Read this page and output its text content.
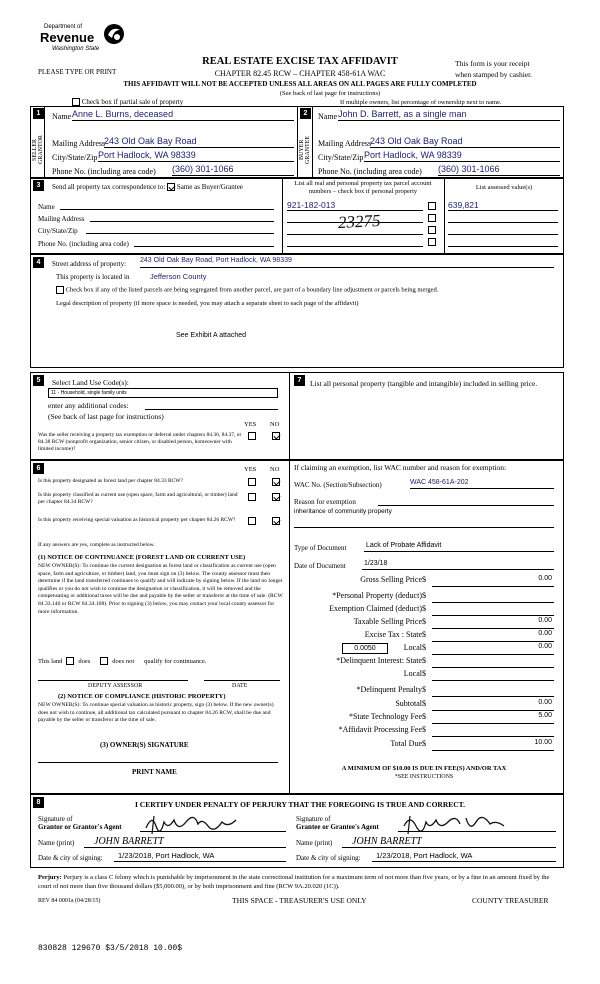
Department of
Revenue
Washington State
PLEASE TYPE OR PRINT
REAL ESTATE EXCISE TAX AFFIDAVIT
CHAPTER 82.45 RCW – CHAPTER 458-61A WAC
This form is your receipt
when stamped by cashier.
THIS AFFIDAVIT WILL NOT BE ACCEPTED UNLESS ALL AREAS ON ALL PAGES ARE FULLY COMPLETED
(See back of last page for instructions)
Check box if partial sale of property	If multiple owners, list percentage of ownership next to name.
1
SELLER GRANTOR
Name Anne L. Burns, deceased
Mailing Address
243 Old Oak Bay Road
City/State/Zip Port Hadlock, WA 98339
Phone No. (including area code) (360) 301-1066
2
BUYER GRANTEE
Name John D. Barrett, as a single man
Mailing Address
243 Old Oak Bay Road
City/State/Zip Port Hadlock, WA 98339
Phone No. (including area code) (360) 301-1066
3	Send all property tax correspondence to: Same as Buyer/Grantee
Name
Mailing Address
City/State/Zip
Phone No. (including area code)
List all real and personal property tax parcel account numbers – check box if personal property
List assessed value(s)
921-182-013	639,821
23275
4	Street address of property: 243 Old Oak Bay Road, Port Hadlock, WA 98339
This property is located in	Jefferson County
Check box if any of the listed parcels are being segregated from another parcel, are part of a boundary line adjustment or parcels being merged.
Legal description of property (if more space is needed, you may attach a separate sheet to each page of the affidavit)
See Exhibit A attached
5	Select Land Use Code(s):
11 - Household, single family units
enter any additional codes:
(See back of last page for instructions)
YES NO
Was the seller receiving a property tax exemption or deferral under chapters 84.36, 84.37, or 84.38 RCW (nonprofit organization, senior citizen, or disabled person, homeowner with limited income)?
7	List all personal property (tangible and intangible) included in selling price.
6	YES NO
Is this property designated as forest land per chapter 84.33 RCW?
Is this property classified as current use (open space, farm and agricultural, or timber) land per chapter 84.34 RCW?
Is this property receiving special valuation as historical property per chapter 84.26 RCW?
If any answers are yes, complete as instructed below.
(1) NOTICE OF CONTINUANCE (FOREST LAND OR CURRENT USE)
NEW OWNER(S): To continue the current designation as forest land or classification as current use (open space, farm and agriculture, or timber) land, you must sign on (3) below. The county assessor must then determine if the land transferred continues to qualify and will indicate by signing below. If the land no longer qualifies or you do not wish to continue the designation or classification, it will be removed and the compensating or additional taxes will be due and payable by the seller or transferor at the time of sale. (RCW 84.33.140 or RCW 84.34.108). Prior to signing (3) below, you may contact your local county assessor for more information.
This land does	does not qualify for continuance.
DEPUTY ASSESSOR	DATE
(2) NOTICE OF COMPLIANCE (HISTORIC PROPERTY)
NEW OWNER(S): To continue special valuation as historic property, sign (3) below. If the new owner(s) does not wish to continue, all additional tax calculated pursuant to chapter 84.26 RCW, shall be due and payable by the seller or transferor at the time of sale.
(3) OWNER(S) SIGNATURE
PRINT NAME
If claiming an exemption, list WAC number and reason for exemption:
WAC No. (Section/Subsection)	WAC 458-61A-202
Reason for exemption
inheritance of community property
Type of Document	Lack of Probate Affidavit
Date of Document	1/23/18
Gross Selling Price $	0.00
*Personal Property (deduct) $
Exemption Claimed (deduct) $
Taxable Selling Price $	0.00
Excise Tax : State $	0.00
Local $	0.00
*Delinquent Interest: State $
Local $
*Delinquent Penalty $
Subtotal $	0.00
*State Technology Fee $	5.00
*Affidavit Processing Fee $
Total Due $	10.00
0.0050
A MINIMUM OF $10.00 IS DUE IN FEE(S) AND/OR TAX
*SEE INSTRUCTIONS
8	I CERTIFY UNDER PENALTY OF PERJURY THAT THE FOREGOING IS TRUE AND CORRECT.
Signature of
Grantor or Grantor's Agent
Name (print)	JOHN BARRETT
Date & city of signing:	1/23/2018, Port Hadlock, WA
Signature of
Grantee or Grantee's Agent
Name (print)	JOHN BARRETT
Date & city of signing:	1/23/2018, Port Hadlock, WA
Perjury: Perjury is a class C felony which is punishable by imprisonment in the state correctional institution for a maximum term of not more than five years, or by a fine in an amount fixed by the court of not more than five thousand dollars ($5,000.00), or by both imprisonment and fine (RCW 9A.20.020 (1C)).
REV 84 0001a (04/28/15)	THIS SPACE - TREASURER'S USE ONLY	COUNTY TREASURER
830828 129670 $3/5/2018 10.00$
